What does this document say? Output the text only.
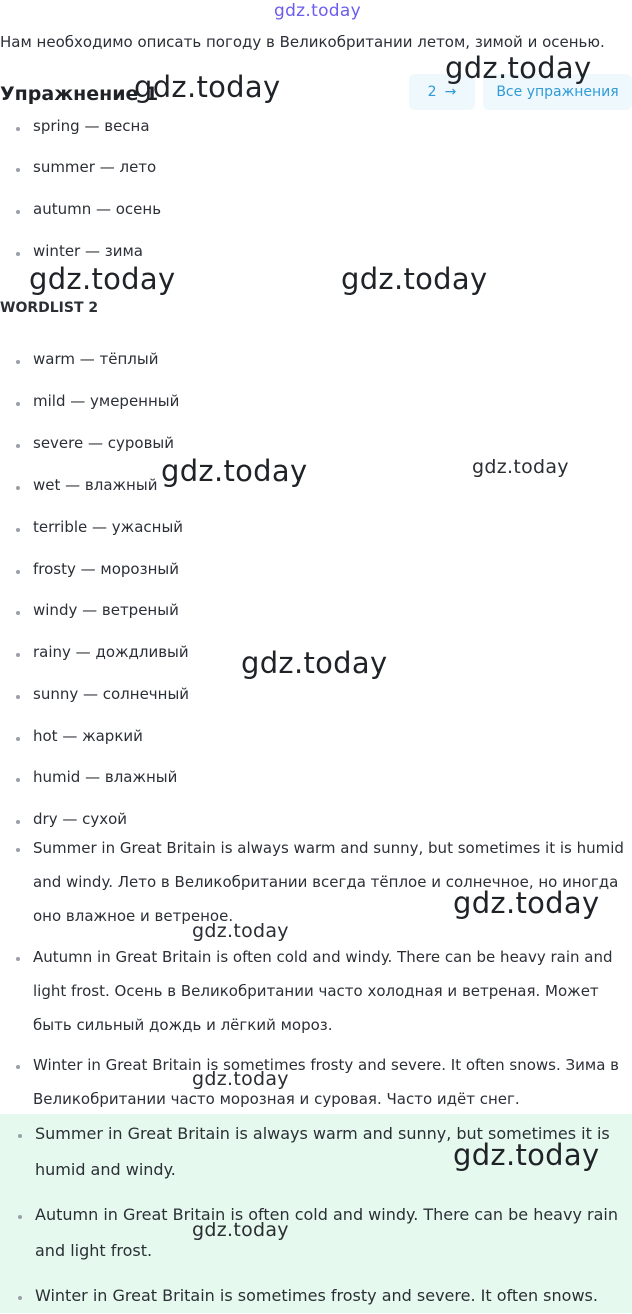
Нам необходимо описать погоду в Великобритании летом, зимой и осенью.
Упражнение 1	2 →	Все упражнения
spring — весна
summer — лето
autumn — осень
winter — зима
WORDLIST 2
warm — тёплый
mild — умеренный
severe — суровый
wet — влажный
terrible — ужасный
frosty — морозный
windy — ветреный
rainy — дождливый
sunny — солнечный
hot — жаркий
humid — влажный
dry — сухой
Summer in Great Britain is always warm and sunny, but sometimes it is humid and windy. Лето в Великобритании всегда тёплое и солнечное, но иногда оно влажное и ветреное.
Autumn in Great Britain is often cold and windy. There can be heavy rain and light frost. Осень в Великобритании часто холодная и ветреная. Может быть сильный дождь и лёгкий мороз.
Winter in Great Britain is sometimes frosty and severe. It often snows. Зима в Великобритании часто морозная и суровая. Часто идёт снег.
Summer in Great Britain is always warm and sunny, but sometimes it is humid and windy.
Autumn in Great Britain is often cold and windy. There can be heavy rain and light frost.
Winter in Great Britain is sometimes frosty and severe. It often snows.
gdz.today
gdz.today
gdz.today
gdz.today	gdz.today
gdz.today	gdz.today
gdz.today
gdz.today
gdz.today
gdz.today
gdz.today
gdz.today
